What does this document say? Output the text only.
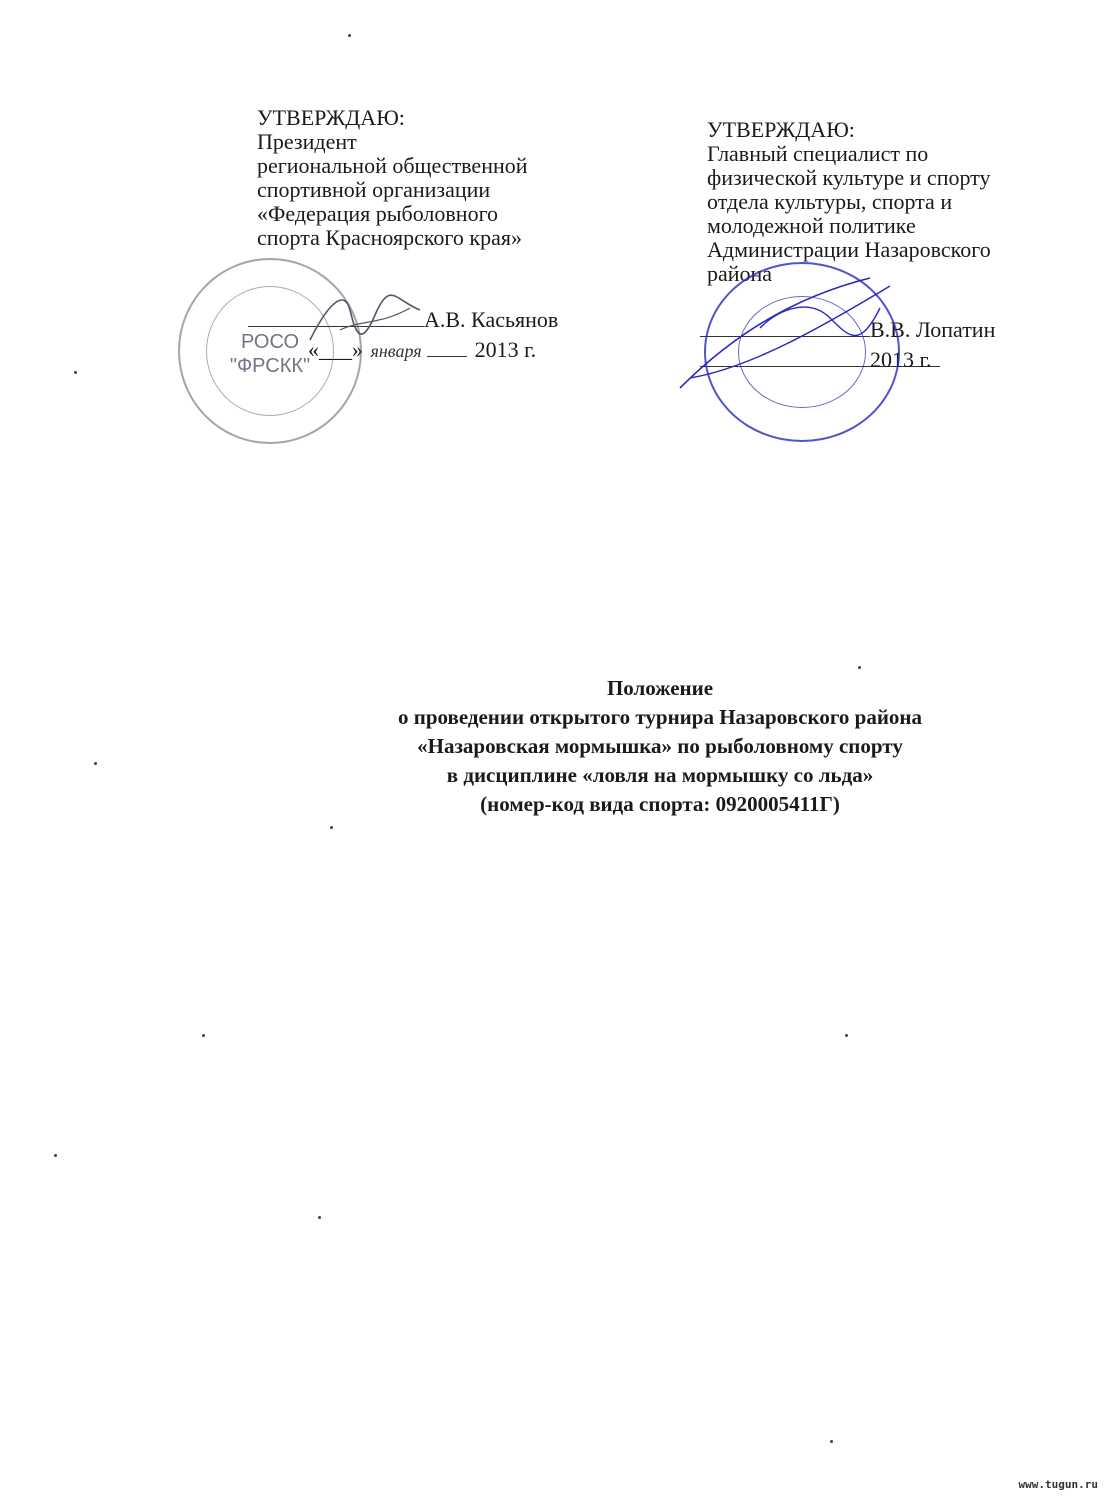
УТВЕРЖДАЮ:
Президент
региональной общественной
спортивной организации
«Федерация рыболовного
спорта Красноярского края»
А.В. Касьянов
«___» января 2013 г.
РОСО "ФРСКК"
УТВЕРЖДАЮ:
Главный специалист по
физической культуре и спорту
отдела культуры, спорта и
молодежной политике
Администрации Назаровского
района
В.В. Лопатин
2013 г.
Положение
о проведении открытого турнира Назаровского района
«Назаровская мормышка» по рыболовному спорту
в дисциплине «ловля на мормышку со льда»
(номер-код вида спорта: 0920005411Г)
www.tugun.ru
